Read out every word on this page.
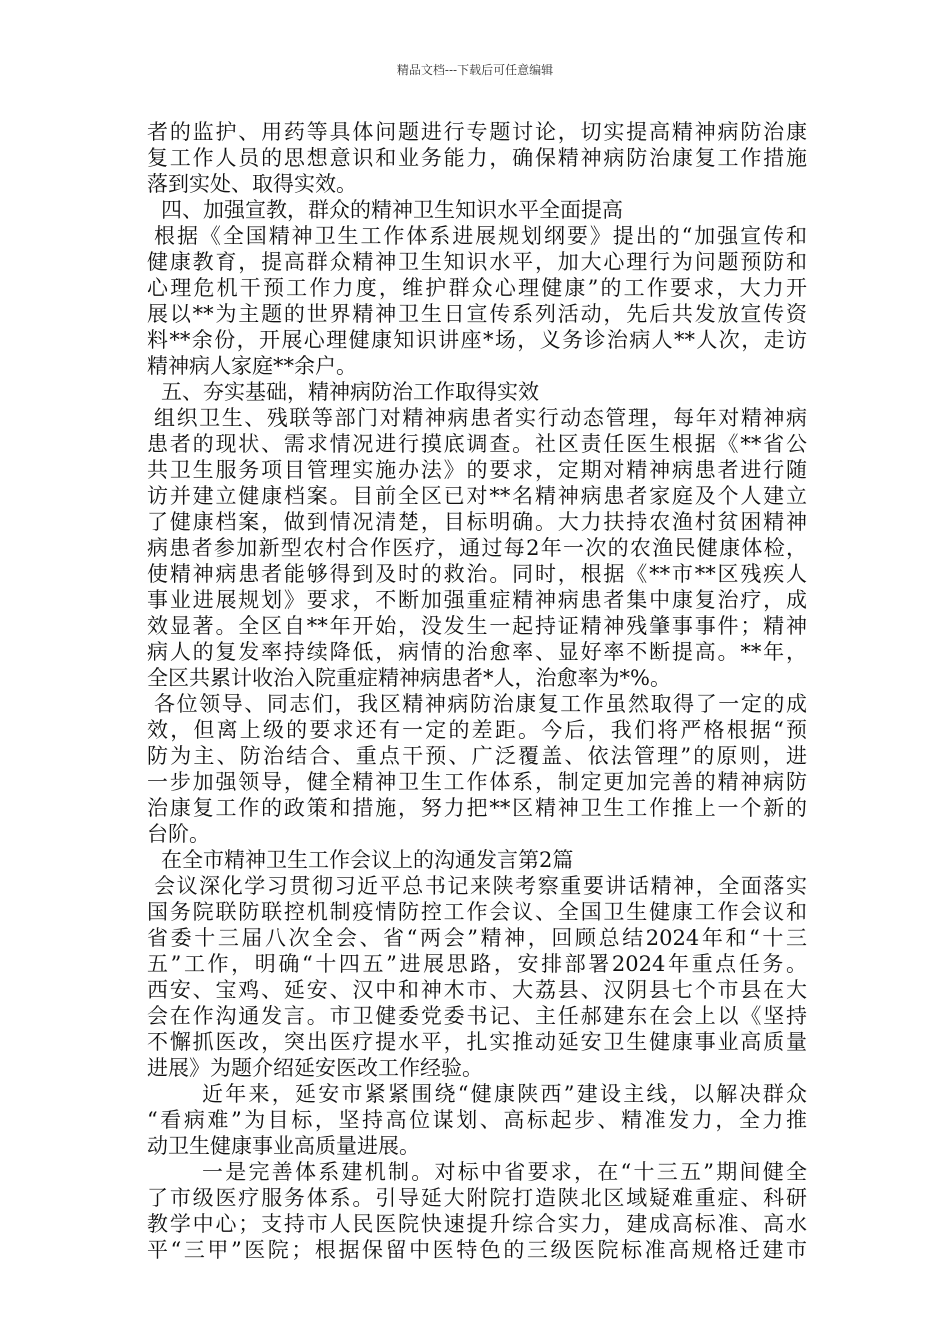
精品文档---下载后可任意编辑
者的监护、用药等具体问题进行专题讨论，切实提高精神病防治康
复工作人员的思想意识和业务能力，确保精神病防治康复工作措施
落到实处、取得实效。
四、加强宣教，群众的精神卫生知识水平全面提高
根据《全国精神卫生工作体系进展规划纲要》提出的“加强宣传和
健康教育，提高群众精神卫生知识水平，加大心理行为问题预防和
心理危机干预工作力度，维护群众心理健康”的工作要求，大力开
展以**为主题的世界精神卫生日宣传系列活动，先后共发放宣传资
料**余份，开展心理健康知识讲座*场，义务诊治病人**人次，走访
精神病人家庭**余户。
五、夯实基础，精神病防治工作取得实效
组织卫生、残联等部门对精神病患者实行动态管理，每年对精神病
患者的现状、需求情况进行摸底调查。社区责任医生根据《**省公
共卫生服务项目管理实施办法》的要求，定期对精神病患者进行随
访并建立健康档案。目前全区已对**名精神病患者家庭及个人建立
了健康档案，做到情况清楚，目标明确。大力扶持农渔村贫困精神
病患者参加新型农村合作医疗，通过每2年一次的农渔民健康体检，
使精神病患者能够得到及时的救治。同时，根据《**市**区残疾人
事业进展规划》要求，不断加强重症精神病患者集中康复治疗，成
效显著。全区自**年开始，没发生一起持证精神残肇事事件；精神
病人的复发率持续降低，病情的治愈率、显好率不断提高。**年，
全区共累计收治入院重症精神病患者*人，治愈率为*%。
各位领导、同志们，我区精神病防治康复工作虽然取得了一定的成
效，但离上级的要求还有一定的差距。今后，我们将严格根据“预
防为主、防治结合、重点干预、广泛覆盖、依法管理”的原则，进
一步加强领导，健全精神卫生工作体系，制定更加完善的精神病防
治康复工作的政策和措施，努力把**区精神卫生工作推上一个新的
台阶。
在全市精神卫生工作会议上的沟通发言第2篇
会议深化学习贯彻习近平总书记来陕考察重要讲话精神，全面落实
国务院联防联控机制疫情防控工作会议、全国卫生健康工作会议和
省委十三届八次全会、省“两会”精神，回顾总结2024年和“十三
五”工作，明确“十四五”进展思路，安排部署2024年重点任务。
西安、宝鸡、延安、汉中和神木市、大荔县、汉阴县七个市县在大
会在作沟通发言。市卫健委党委书记、主任郝建东在会上以《坚持
不懈抓医改，突出医疗提水平，扎实推动延安卫生健康事业高质量
进展》为题介绍延安医改工作经验。
近年来，延安市紧紧围绕“健康陕西”建设主线，以解决群众
“看病难”为目标，坚持高位谋划、高标起步、精准发力，全力推
动卫生健康事业高质量进展。
一是完善体系建机制。对标中省要求，在“十三五”期间健全
了市级医疗服务体系。引导延大附院打造陕北区域疑难重症、科研
教学中心；支持市人民医院快速提升综合实力，建成高标准、高水
平“三甲”医院；根据保留中医特色的三级医院标准高规格迁建市
